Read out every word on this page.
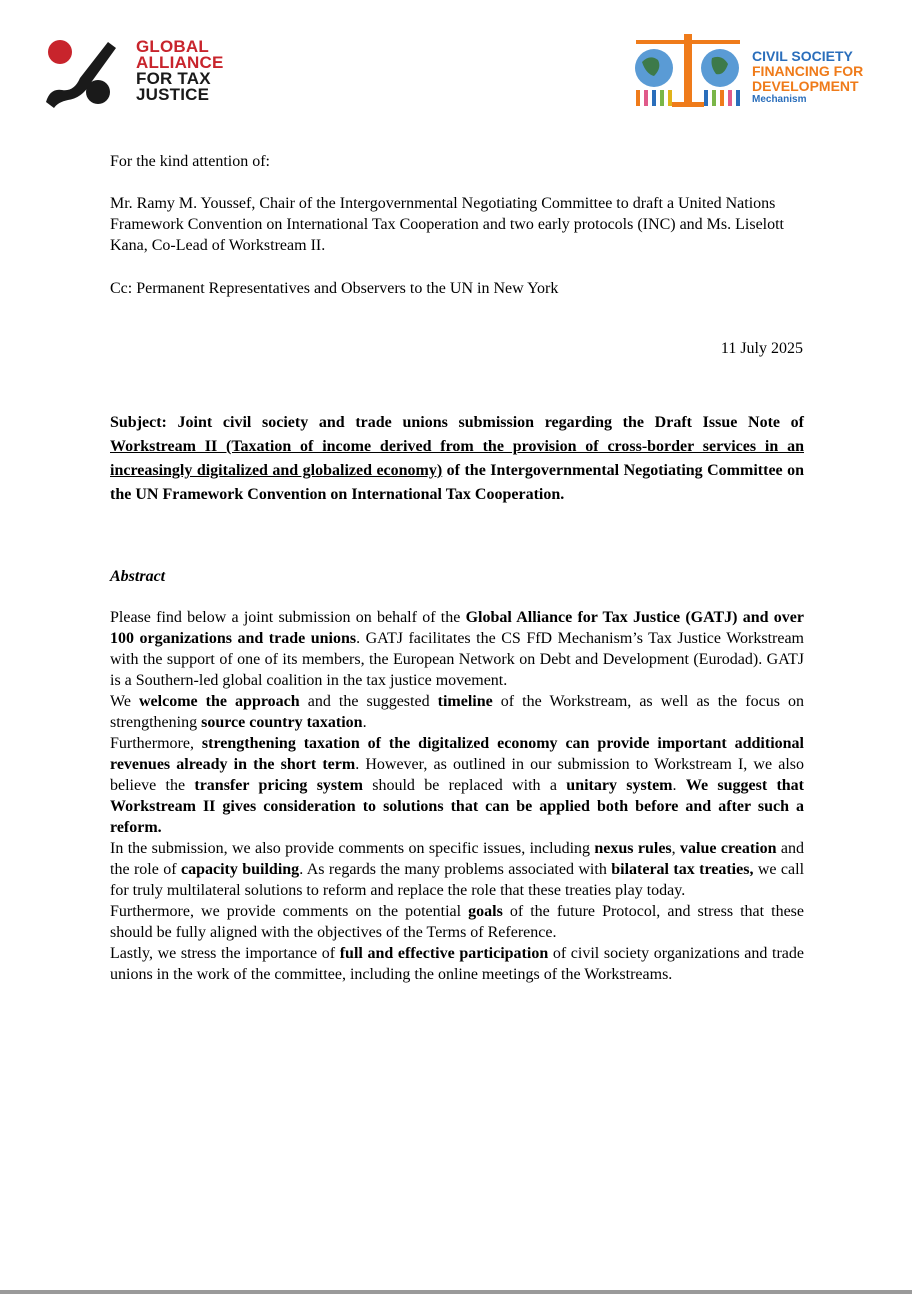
GLOBAL
ALLIANCE
FOR TAX
JUSTICE
CIVIL SOCIETY
FINANCING FOR
DEVELOPMENT
Mechanism

For the kind attention of:

Mr. Ramy M. Youssef, Chair of the Intergovernmental Negotiating Committee to draft a United Nations Framework Convention on International Tax Cooperation and two early protocols (INC) and Ms. Liselott Kana, Co-Lead of Workstream II.

Cc: Permanent Representatives and Observers to the UN in New York

11 July 2025

Subject: Joint civil society and trade unions submission regarding the Draft Issue Note of Workstream II (Taxation of income derived from the provision of cross-border services in an increasingly digitalized and globalized economy) of the Intergovernmental Negotiating Committee on the UN Framework Convention on International Tax Cooperation.

Abstract

Please find below a joint submission on behalf of the Global Alliance for Tax Justice (GATJ) and over 100 organizations and trade unions. GATJ facilitates the CS FfD Mechanism’s Tax Justice Workstream with the support of one of its members, the European Network on Debt and Development (Eurodad). GATJ is a Southern-led global coalition in the tax justice movement.

We welcome the approach and the suggested timeline of the Workstream, as well as the focus on strengthening source country taxation.

Furthermore, strengthening taxation of the digitalized economy can provide important additional revenues already in the short term. However, as outlined in our submission to Workstream I, we also believe the transfer pricing system should be replaced with a unitary system. We suggest that Workstream II gives consideration to solutions that can be applied both before and after such a reform.

In the submission, we also provide comments on specific issues, including nexus rules, value creation and the role of capacity building. As regards the many problems associated with bilateral tax treaties, we call for truly multilateral solutions to reform and replace the role that these treaties play today.

Furthermore, we provide comments on the potential goals of the future Protocol, and stress that these should be fully aligned with the objectives of the Terms of Reference.

Lastly, we stress the importance of full and effective participation of civil society organizations and trade unions in the work of the committee, including the online meetings of the Workstreams.
